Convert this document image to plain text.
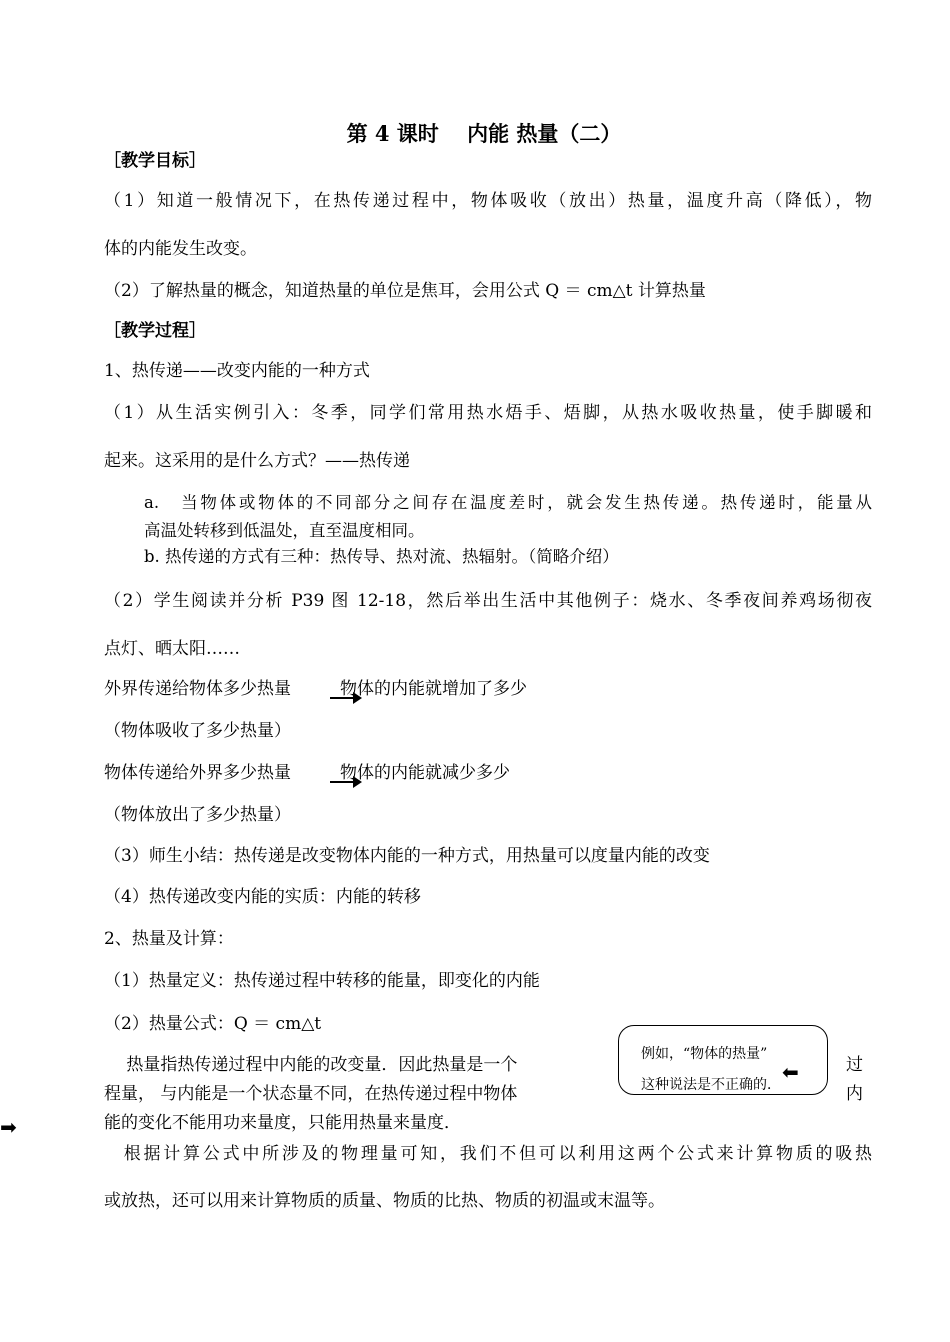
第 4 课时　 内能 热量（二）
［教学目标］
（1）知道一般情况下，在热传递过程中，物体吸收（放出）热量，温度升高（降低），物
体的内能发生改变。
（2）了解热量的概念，知道热量的单位是焦耳，会用公式 Q ＝ cm△t 计算热量
［教学过程］
1、热传递——改变内能的一种方式
（1）从生活实例引入：冬季，同学们常用热水焐手、焐脚，从热水吸收热量，使手脚暖和
起来。这采用的是什么方式？——热传递
a.　当物体或物体的不同部分之间存在温度差时，就会发生热传递。热传递时，能量从
高温处转移到低温处，直至温度相同。
b. 热传递的方式有三种：热传导、热对流、热辐射。（简略介绍）
（2）学生阅读并分析 P39 图 12-18，然后举出生活中其他例子：烧水、冬季夜间养鸡场彻夜
点灯、晒太阳……
外界传递给物体多少热量	物体的内能就增加了多少
（物体吸收了多少热量）
物体传递给外界多少热量	物体的内能就减少多少
（物体放出了多少热量）
（3）师生小结：热传递是改变物体内能的一种方式，用热量可以度量内能的改变
（4）热传递改变内能的实质：内能的转移
2、热量及计算：
（1）热量定义：热传递过程中转移的能量，即变化的内能
（2）热量公式：Q ＝ cm△t
　 热量指热传递过程中内能的改变量．因此热量是一个	过
程量， 与内能是一个状态量不同，在热传递过程中物体	内
能的变化不能用功来量度，只能用热量来量度．
例如，“物体的热量”
这种说法是不正确的．
⬅
➡
　根据计算公式中所涉及的物理量可知，我们不但可以利用这两个公式来计算物质的吸热
或放热，还可以用来计算物质的质量、物质的比热、物质的初温或末温等。
